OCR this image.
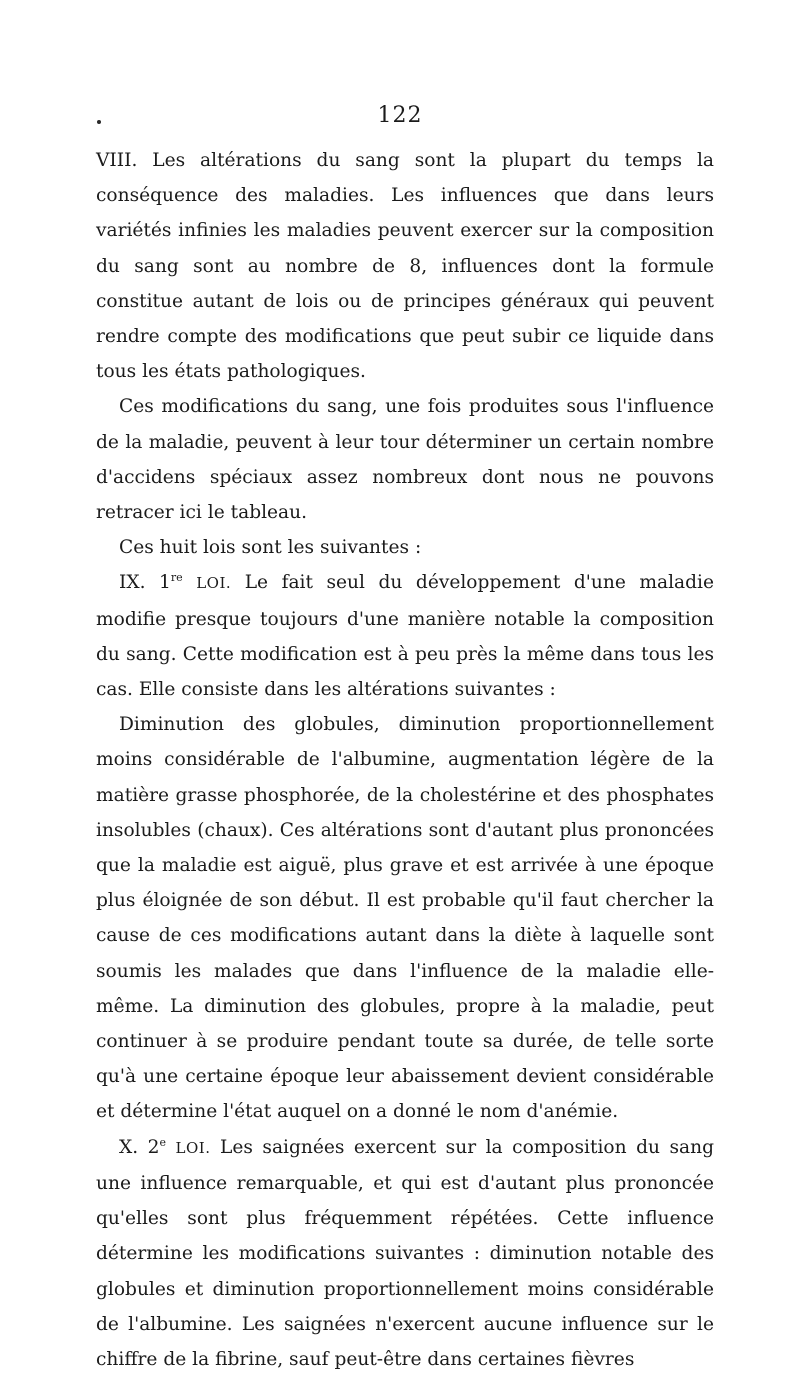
122

VIII. Les altérations du sang sont la plupart du temps la conséquence des maladies. Les influences que dans leurs variétés infinies les maladies peuvent exercer sur la composition du sang sont au nombre de 8, influences dont la formule constitue autant de lois ou de principes généraux qui peuvent rendre compte des modifications que peut subir ce liquide dans tous les états pathologiques.

Ces modifications du sang, une fois produites sous l'influence de la maladie, peuvent à leur tour déterminer un certain nombre d'accidens spéciaux assez nombreux dont nous ne pouvons retracer ici le tableau.

Ces huit lois sont les suivantes :

IX. 1re LOI. Le fait seul du développement d'une maladie modifie presque toujours d'une manière notable la composition du sang. Cette modification est à peu près la même dans tous les cas. Elle consiste dans les altérations suivantes :

Diminution des globules, diminution proportionnellement moins considérable de l'albumine, augmentation légère de la matière grasse phosphorée, de la cholestérine et des phosphates insolubles (chaux). Ces altérations sont d'autant plus prononcées que la maladie est aiguë, plus grave et est arrivée à une époque plus éloignée de son début. Il est probable qu'il faut chercher la cause de ces modifications autant dans la diète à laquelle sont soumis les malades que dans l'influence de la maladie elle-même. La diminution des globules, propre à la maladie, peut continuer à se produire pendant toute sa durée, de telle sorte qu'à une certaine époque leur abaissement devient considérable et détermine l'état auquel on a donné le nom d'anémie.

X. 2e LOI. Les saignées exercent sur la composition du sang une influence remarquable, et qui est d'autant plus prononcée qu'elles sont plus fréquemment répétées. Cette influence détermine les modifications suivantes : diminution notable des globules et diminution proportionnellement moins considérable de l'albumine. Les saignées n'exercent aucune influence sur le chiffre de la fibrine, sauf peut-être dans certaines fièvres
